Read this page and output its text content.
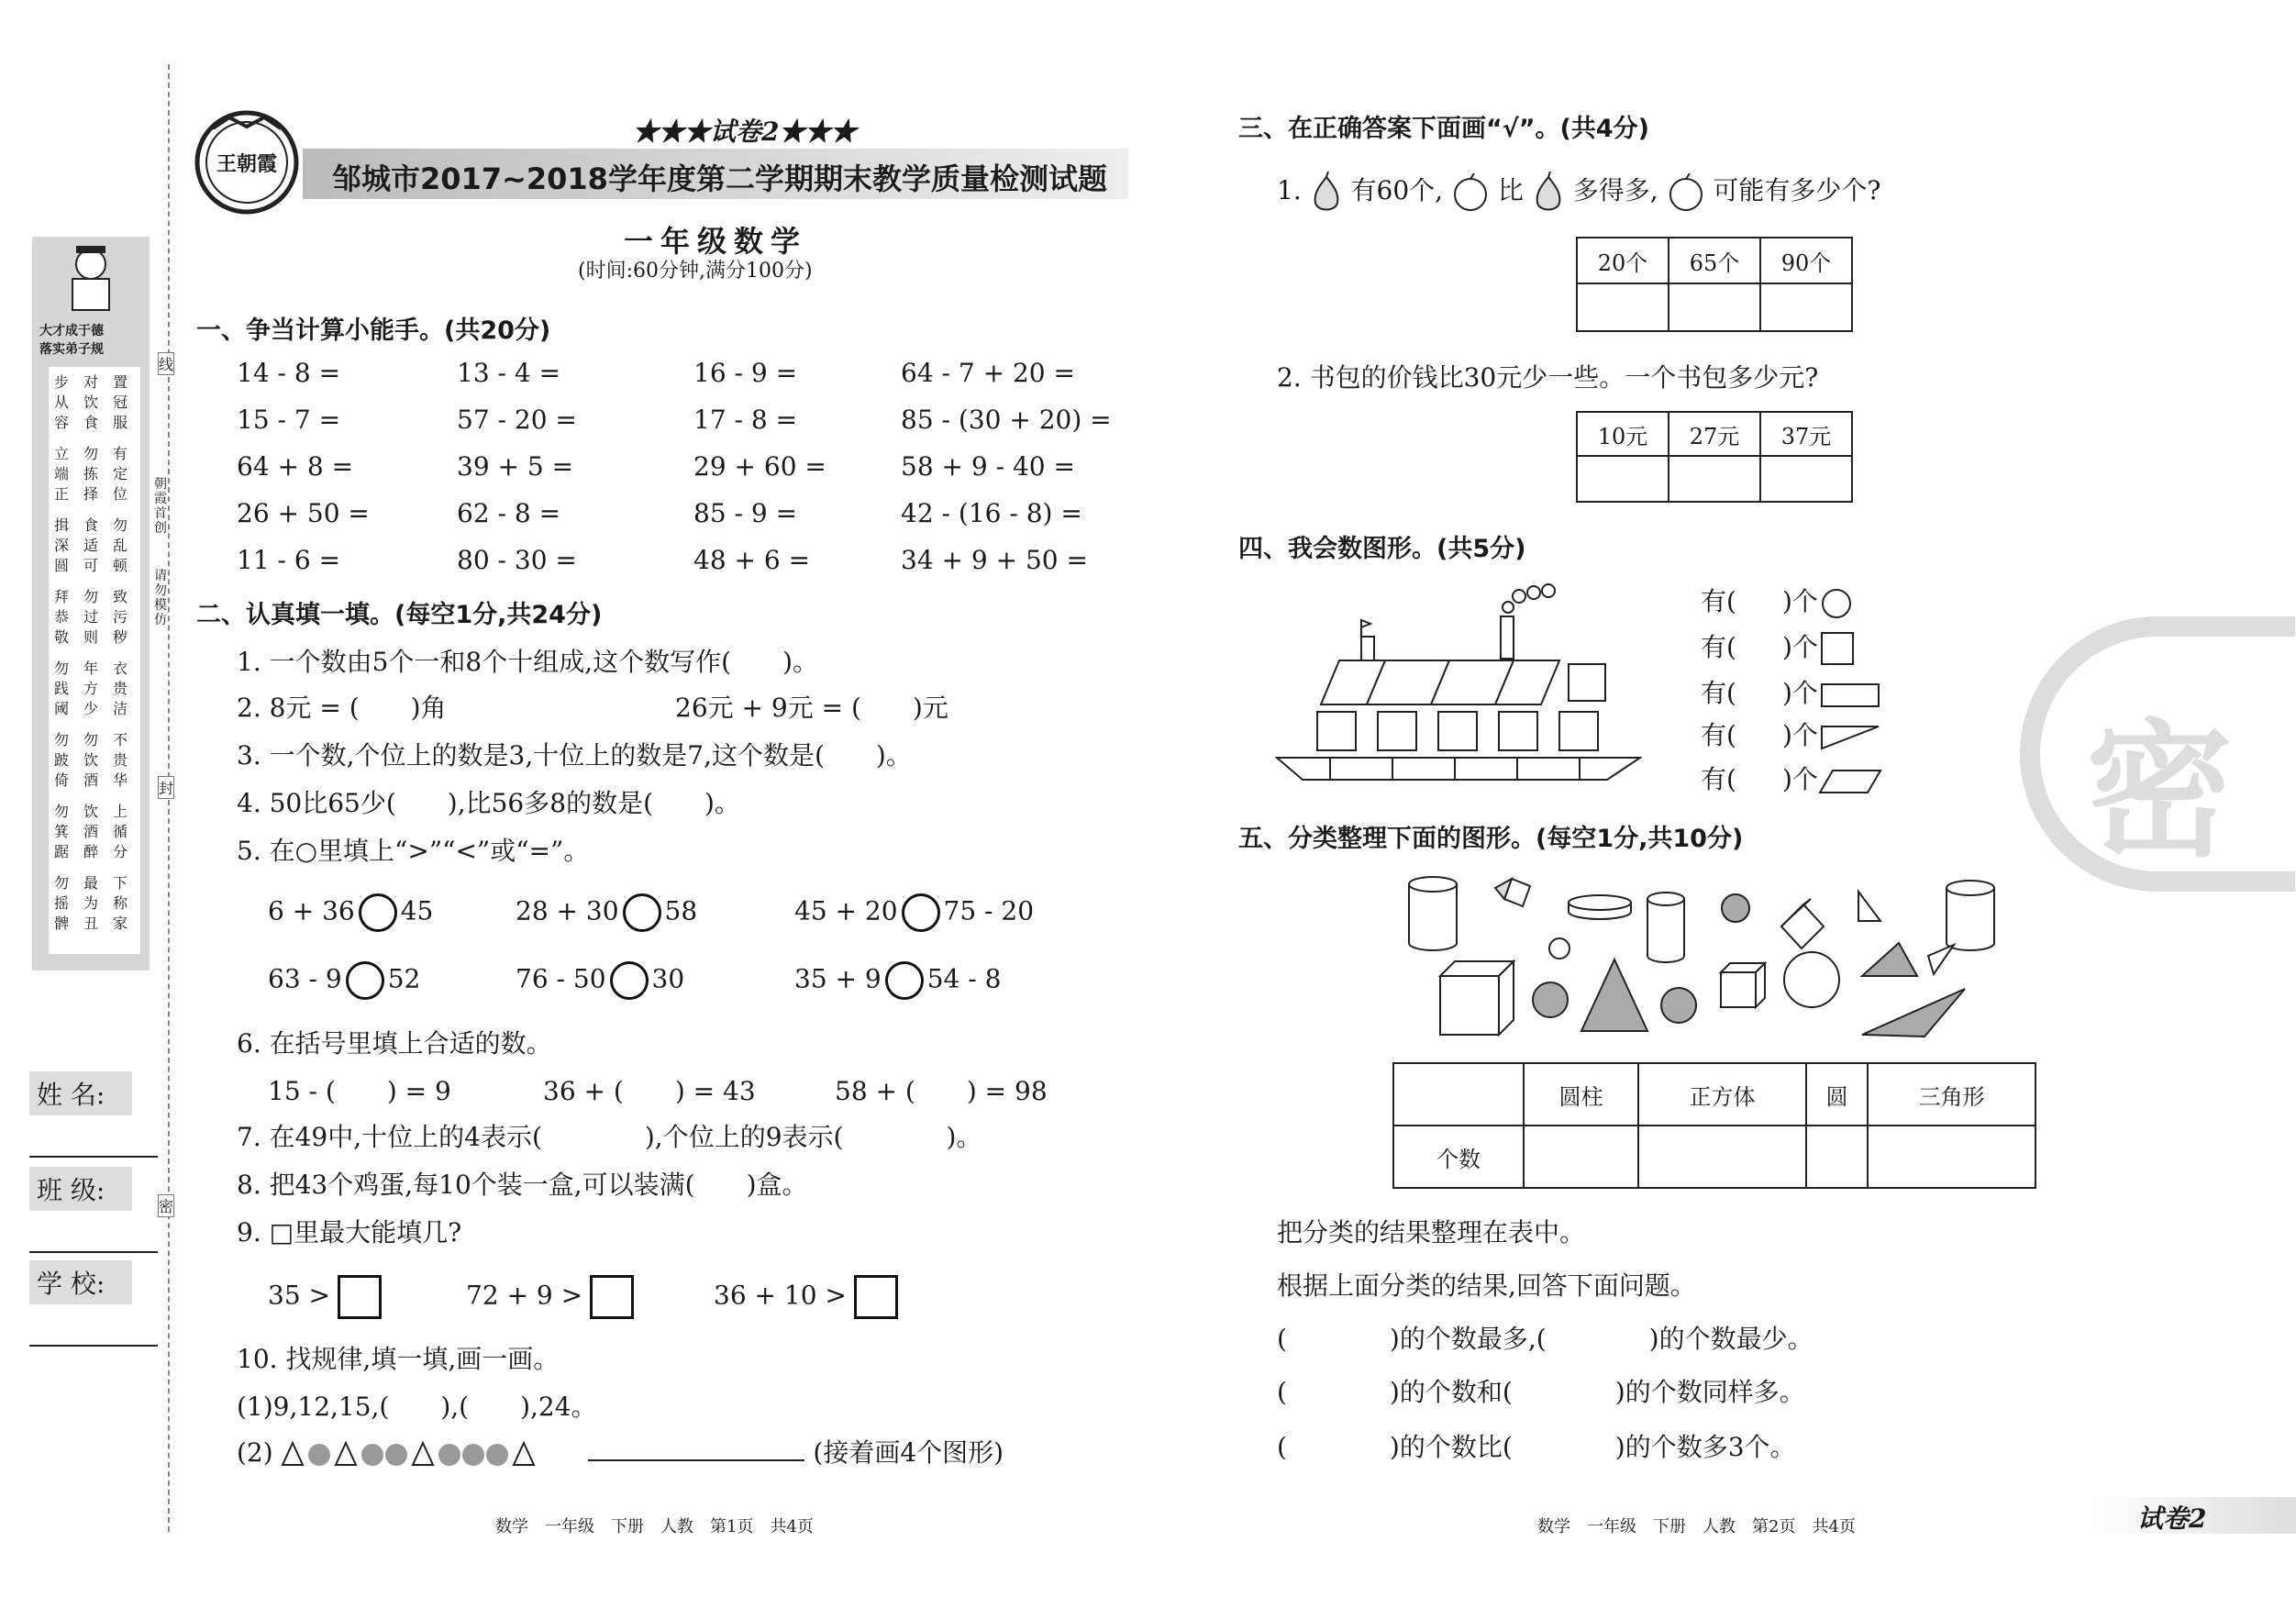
大才成于德
落实弟子规
步从容
对饮食
置冠服
立端正
勿拣择
有定位
揖深圆
食适可
勿乱顿
拜恭敬
勿过则
致污秽
勿践阈
年方少
衣贵洁
勿跛倚
勿饮酒
不贵华
勿箕踞
饮酒醉
上循分
勿摇髀
最为丑
下称家
朝霞首创
请勿模仿
线
封
密
姓 名:
班 级:
学 校:
王朝霞
★★★试卷2★★★
邹城市2017~2018学年度第二学期期末教学质量检测试题
一年级数学
(时间:60分钟,满分100分)
一、争当计算小能手。(共20分)
14 - 8 =	13 - 4 =	16 - 9 =	64 - 7 + 20 =
15 - 7 =	57 - 20 =	17 - 8 =	85 - (30 + 20) =
64 + 8 =	39 + 5 =	29 + 60 =	58 + 9 - 40 =
26 + 50 =	62 - 8 =	85 - 9 =	42 - (16 - 8) =
11 - 6 =	80 - 30 =	48 + 6 =	34 + 9 + 50 =
二、认真填一填。(每空1分,共24分)
1. 一个数由5个一和8个十组成,这个数写作(　　)。
2. 8元 = (　　)角	26元 + 9元 = (　　)元
3. 一个数,个位上的数是3,十位上的数是7,这个数是(　　)。
4. 50比65少(　　),比56多8的数是(　　)。
5. 在○里填上“>”“<”或“=”。
6 + 36 45	28 + 30 58	45 + 20 75 - 20
63 - 9 52	76 - 50 30	35 + 9 54 - 8
6. 在括号里填上合适的数。
15 - (　　) = 9	36 + (　　) = 43	58 + (　　) = 98
7. 在49中,十位上的4表示(　　　　),个位上的9表示(　　　　)。
8. 把43个鸡蛋,每10个装一盒,可以装满(　　)盒。
9. □里最大能填几?
35 >	72 + 9 >	36 + 10 >
10. 找规律,填一填,画一画。
(1)9,12,15,(　　),(　　),24。
(2)	(接着画4个图形)
数学　一年级　下册　人教　第1页　共4页
三、在正确答案下面画“√”。(共4分)
1. 有60个, 比 多得多, 可能有多少个?
20个	65个	90个

2. 书包的价钱比30元少一些。一个书包多少元?
10元	27元	37元

四、我会数图形。(共5分)
有( )个
有( )个
有( )个
有( )个
有( )个
五、分类整理下面的图形。(每空1分,共10分)
	圆柱	正方体	圆	三角形
个数				
把分类的结果整理在表中。
根据上面分类的结果,回答下面问题。
(　　　　)的个数最多,(　　　　)的个数最少。
(　　　　)的个数和(　　　　)的个数同样多。
(　　　　)的个数比(　　　　)的个数多3个。
密
数学　一年级　下册　人教　第2页　共4页	试卷2
